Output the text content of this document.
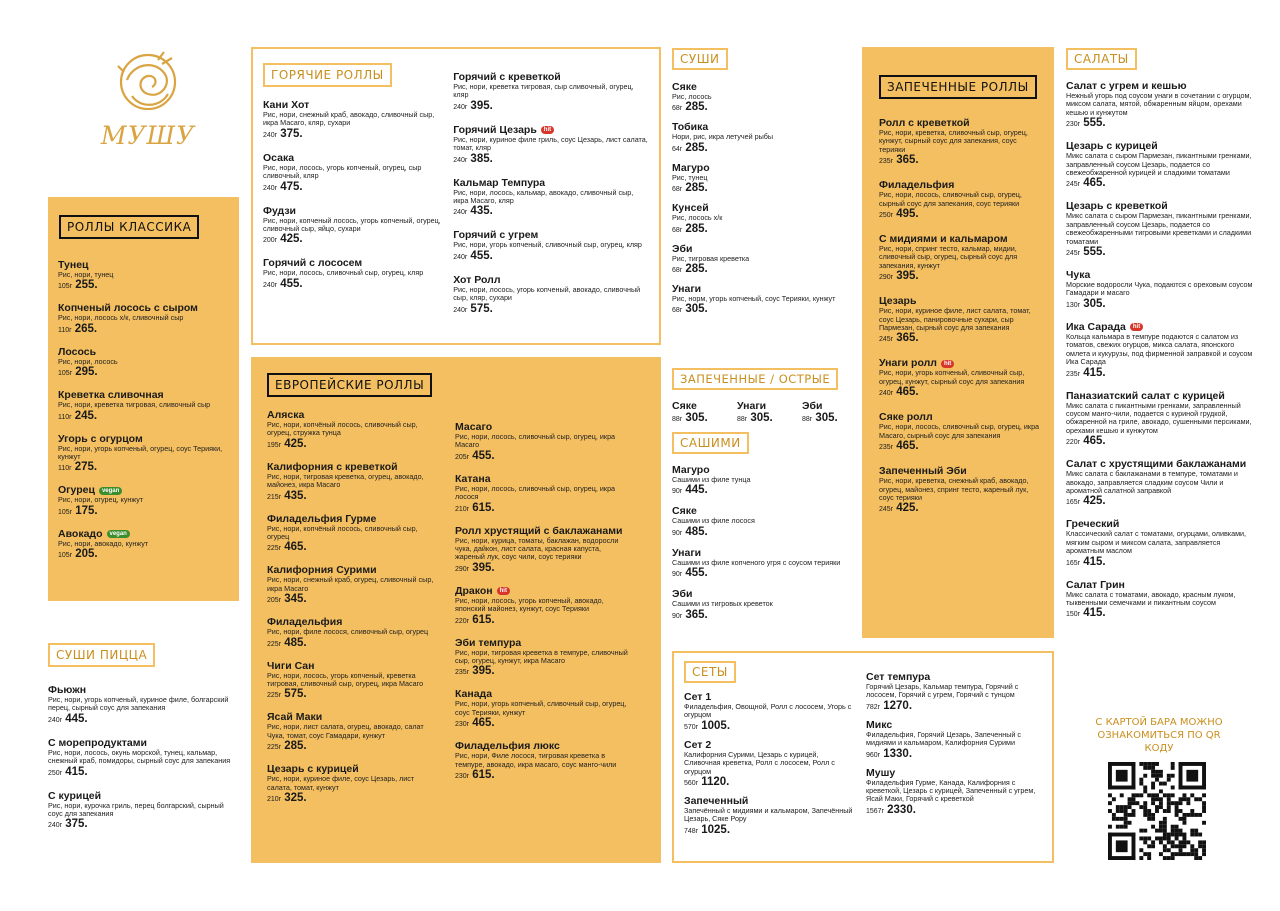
МУШУ
РОЛЛЫ КЛАССИКА
Тунец
Рис, нори, тунец
105г 255.
Копченый лосось с сыром
Рис, нори, лосось х/к, сливочный сыр
110г 265.
Лосось
Рис, нори, лосось
105г 295.
Креветка сливочная
Рис, нори, креветка тигровая, сливочный сыр
110г 245.
Угорь с огурцом
Рис, нори, угорь копченый, огурец, соус Терияки, кунжут
110г 275.
Огурец vegan
Рис, нори, огурец, кунжут
105г 175.
Авокадо vegan
Рис, нори, авокадо, кунжут
105г 205.
СУШИ ПИЦЦА
Фьюжн
Рис, нори, угорь копченый, куриное филе, болгарский перец, сырный соус для запекания
240г 445.
С морепродуктами
Рис, нори, лосось, окунь морской, тунец, кальмар, снежный краб, помидоры, сырный соус для запекания
250г 415.
С курицей
Рис, нори, курочка гриль, перец болгарский, сырный соус для запекания
240г 375.
ГОРЯЧИЕ РОЛЛЫ
Кани Хот
Рис, нори, снежный краб, авокадо, сливочный сыр, икра Масаго, кляр, сухари
240г 375.
Осака
Рис, нори, лосось, угорь копченый, огурец, сыр сливочный, кляр
240г 475.
Фудзи
Рис, нори, копченый лосось, угорь копченый, огурец, сливочный сыр, яйцо, сухари
200г 425.
Горячий с лососем
Рис, нори, лосось, сливочный сыр, огурец, кляр
240г 455.
Горячий с креветкой
Рис, нори, креветка тигровая, сыр сливочный, огурец, кляр
240г 395.
Горячий Цезарь hit
Рис, нори, куриное филе гриль, соус Цезарь, лист салата, томат, кляр
240г 385.
Кальмар Темпура
Рис, нори, лосось, кальмар, авокадо, сливочный сыр, икра Масаго, кляр
240г 435.
Горячий с угрем
Рис, нори, угорь копченый, сливочный сыр, огурец, кляр
240г 455.
Хот Ролл
Рис, нори, лосось, угорь копченый, авокадо, сливочный сыр, кляр, сухари
240г 575.
ЕВРОПЕЙСКИЕ РОЛЛЫ
Аляска
Рис, нори, копчёный лосось, сливочный сыр, огурец, стружка тунца
195г 425.
Калифорния с креветкой
Рис, нори, тигровая креветка, огурец, авокадо, майонез, икра Масаго
215г 435.
Филадельфия Гурме
Рис, нори, копчёный лосось, сливочный сыр, огурец
225г 465.
Калифорния Сурими
Рис, нори, снежный краб, огурец, сливочный сыр, икра Масаго
205г 345.
Филадельфия
Рис, нори, филе лосося, сливочный сыр, огурец
225г 485.
Чиги Сан
Рис, нори, лосось, угорь копченый, креветка тигровая, сливочный сыр, огурец, икра Масаго
225г 575.
Ясай Маки
Рис, нори, лист салата, огурец, авокадо, салат Чука, томат, соус Гамадари, кунжут
225г 285.
Цезарь с курицей
Рис, нори, куриное филе, соус Цезарь, лист салата, томат, кунжут
210г 325.
Масаго
Рис, нори, лосось, сливочный сыр, огурец, икра Масаго
205г 455.
Катана
Рис, нори, лосось, сливочный сыр, огурец, икра лосося
210г 615.
Ролл хрустящий с баклажанами
Рис, нори, курица, томаты, баклажан, водоросли чука, дайкон, лист салата, красная капуста, жареный лук, соус чили, соус терияки
290г 395.
Дракон hit
Рис, нори, лосось, угорь копченый, авокадо, японский майонез, кунжут, соус Терияки
220г 615.
Эби темпура
Рис, нори, тигровая креветка в темпуре, сливочный сыр, огурец, кунжут, икра Масаго
235г 395.
Канада
Рис, нори, угорь копченый, сливочный сыр, огурец, соус Терияки, кунжут
230г 465.
Филадельфия люкс
Рис, нори, Филе лосося, тигровая креветка в темпуре, авокадо, икра масаго, соус манго-чили
230г 615.
СУШИ
Сяке
Рис, лосось
68г 285.
Тобика
Нори, рис, икра летучей рыбы
64г 285.
Магуро
Рис, тунец
68г 285.
Кунсей
Рис, лосось х/к
68г 285.
Эби
Рис, тигровая креветка
68г 285.
Унаги
Рис, норм, угорь копченый, соус Терияки, кунжут
68г 305.
ЗАПЕЧЕННЫЕ / ОСТРЫЕ
Сяке
88г 305.
Унаги
88г 305.
Эби
88г 305.
САШИМИ
Магуро
Сашими из филе тунца
90г 445.
Сяке
Сашими из филе лосося
90г 485.
Унаги
Сашими из филе копченого угря с соусом терияки
90г 455.
Эби
Сашими из тигровых креветок
90г 365.
ЗАПЕЧЕННЫЕ РОЛЛЫ
Ролл с креветкой
Рис, нори, креветка, сливочный сыр, огурец, кунжут, сырный соус для запекания, соус терияки
235г 365.
Филадельфия
Рис, нори, лосось, сливочный сыр, огурец, сырный соус для запекания, соус терияки
250г 495.
С мидиями и кальмаром
Рис, нори, спринг тесто, кальмар, мидии, сливочный сыр, огурец, сырный соус для запекания, кунжут
290г 395.
Цезарь
Рис, нори, куриное филе, лист салата, томат, соус Цезарь, панировочные сухари, сыр Пармезан, сырный соус для запекания
245г 365.
Унаги ролл hit
Рис, нори, угорь копченый, сливочный сыр, огурец, кунжут, сырный соус для запекания
240г 465.
Сяке ролл
Рис, нори, лосось, сливочный сыр, огурец, икра Масаго, сырный соус для запекания
235г 465.
Запеченный Эби
Рис, нори, креветка, снежный краб, авокадо, огурец, майонез, спринг тесто, жареный лук, соус терияки
245г 425.
СЕТЫ
Сет 1
Филадельфия, Овощной, Ролл с лососем, Угорь с огурцом
570г 1005.
Сет 2
Калифорния Сурими, Цезарь с курицей, Сливочная креветка, Ролл с лососем, Ролл с огурцом
560г 1120.
Запеченный
Запечённый с мидиями и кальмаром, Запечённый Цезарь, Сяке Рору
748г 1025.
Сет темпура
Горячий Цезарь, Кальмар темпура, Горячий с лососем, Горячий с угрем, Горячий с тунцом
782г 1270.
Микс
Филадельфия, Горячий Цезарь, Запеченный с мидиями и кальмаром, Калифорния Сурими
960г 1330.
Мушу
Филадельфия Гурме, Канада, Калифорния с креветкой, Цезарь с курицей, Запеченный с угрем, Ясай Маки, Горячий с креветкой
1567г 2330.
САЛАТЫ
Салат с угрем и кешью
Нежный угорь под соусом унаги в сочетании с огурцом, миксом салата, мятой, обжаренным яйцом, орехами кешью и кунжутом
230г 555.
Цезарь с курицей
Микс салата с сыром Пармезан, пикантными гренками, заправленный соусом Цезарь, подается со свежеобжаренной курицей и сладкими томатами
245г 465.
Цезарь с креветкой
Микс салата с сыром Пармезан, пикантными гренками, заправленный соусом Цезарь, подается со свежеобжаренными тигровыми креветками и сладкими томатами
245г 555.
Чука
Морские водоросли Чука, подаются с ореховым соусом Гамадари и масаго
130г 305.
Ика Сарада hit
Кольца кальмара в темпуре подаются с салатом из томатов, свежих огурцов, микса салата, японского омлета и кукурузы, под фирменной заправкой и соусом Ика Сарада
235г 415.
Паназиатский салат с курицей
Микс салата с пикантными гренками, заправленный соусом манго-чили, подается с куриной грудкой, обжаренной на гриле, авокадо, сушенными персиками, орехами кешью и кунжутом
220г 465.
Салат с хрустящими баклажанами
Микс салата с баклажанами в темпуре, томатами и авокадо, заправляется сладким соусом Чили и ароматной салатной заправкой
165г 425.
Греческий
Классический салат с томатами, огурцами, оливками, мягким сыром и миксом салата, заправляется ароматным маслом
165г 415.
Салат Грин
Микс салата с томатами, авокадо, красным луком, тыквенными семечками и пикантным соусом
150г 415.
С КАРТОЙ БАРА МОЖНО ОЗНАКОМИТЬСЯ ПО QR КОДУ
